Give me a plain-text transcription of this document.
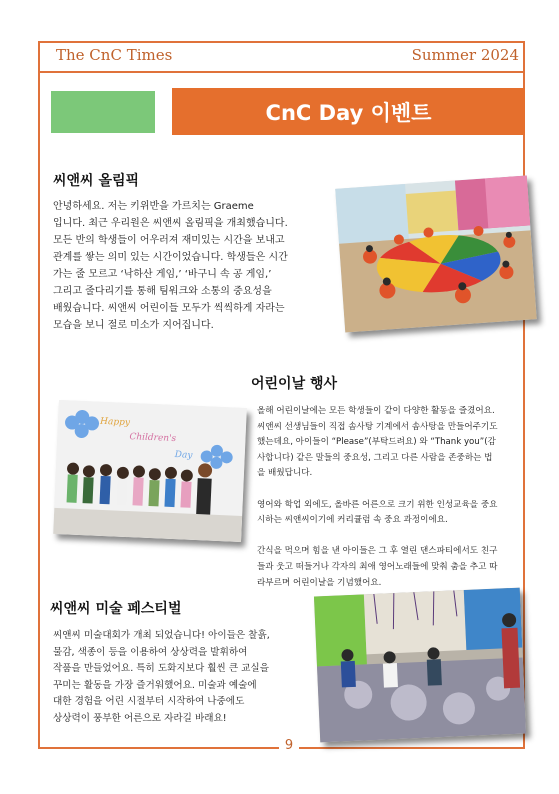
The CnC Times	Summer 2024
CnC Day 이벤트
씨앤씨 올림픽
안녕하세요. 저는 키위반을 가르치는 Graeme
입니다. 최근 우리원은 씨앤씨 올림픽을 개최했습니다.
모든 반의 학생들이 어우러져 재미있는 시간을 보내고
관계를 쌓는 의미 있는 시간이었습니다. 학생들은 시간
가는 줄 모르고 ‘낙하산 게임,’ ‘바구니 속 공 게임,’
그리고 줄다리기를 통해 팀워크와 소통의 중요성을
배웠습니다. 씨앤씨 어린이들 모두가 씩씩하게 자라는
모습을 보니 절로 미소가 지어집니다.
어린이날 행사
올해 어린이날에는 모든 학생들이 같이 다양한 활동을 즐겼어요.
씨앤씨 선생님들이 직접 솜사탕 기계에서 솜사탕을 만들어주기도
했는데요, 아이들이 “Please”(부탁드려요) 와 “Thank you”(감
사합니다) 같은 말들의 중요성, 그리고 다른 사람을 존중하는 법
을 배웠답니다.

영어와 학업 외에도, 올바른 어른으로 크기 위한 인성교육을 중요
시하는 씨앤씨이기에 커리큘럼 속 중요 과정이에요.

간식을 먹으며 힘을 낸 아이들은 그 후 열린 댄스파티에서도 친구
들과 웃고 떠들거나 각자의 최애 영어노래들에 맞춰 춤을 추고 따
라부르며 어린이날을 기념했어요.
Happy
Children's
Day
씨앤씨 미술 페스티벌
씨앤씨 미술대회가 개최 되었습니다! 아이들은 찰흙,
물감, 색종이 등을 이용하여 상상력을 발휘하여
작품을 만들었어요. 특히 도화지보다 훨씬 큰 교실을
꾸미는 활동을 가장 즐거워했어요. 미술과 예술에
대한 경험을 어린 시절부터 시작하여 나중에도
상상력이 풍부한 어른으로 자라길 바래요!
9
